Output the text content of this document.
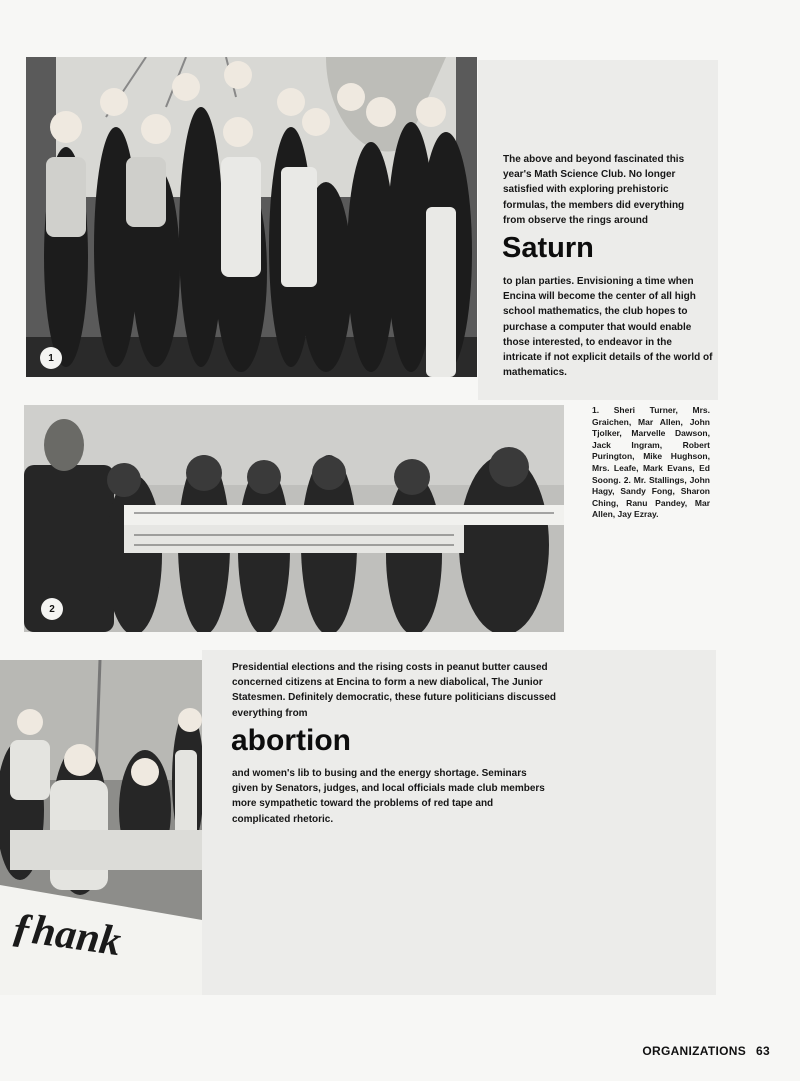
1
The above and beyond fascinated this year's Math Science Club. No longer satisfied with exploring prehistoric formulas, the members did everything from observe the rings around
Saturn
to plan parties. Envisioning a time when Encina will become the center of all high school mathematics, the club hopes to purchase a computer that would enable those interested, to endeavor in the intricate if not explicit details of the world of mathematics.
2
1. Sheri Turner, Mrs. Graichen, Mar Allen, John Tjolker, Marvelle Dawson, Jack Ingram, Robert Purington, Mike Hughson, Mrs. Leafe, Mark Evans, Ed Soong. 2. Mr. Stallings, John Hagy, Sandy Fong, Sharon Ching, Ranu Pandey, Mar Allen, Jay Ezray.
Presidential elections and the rising costs in peanut butter caused concerned citizens at Encina to form a new diabolical, The Junior Statesmen. Definitely democratic, these future politicians discussed everything from
abortion
and women's lib to busing and the energy shortage. Seminars given by Senators, judges, and local officials made club members more sympathetic toward the problems of red tape and complicated rhetoric.
ƒhank
ORGANIZATIONS 63
